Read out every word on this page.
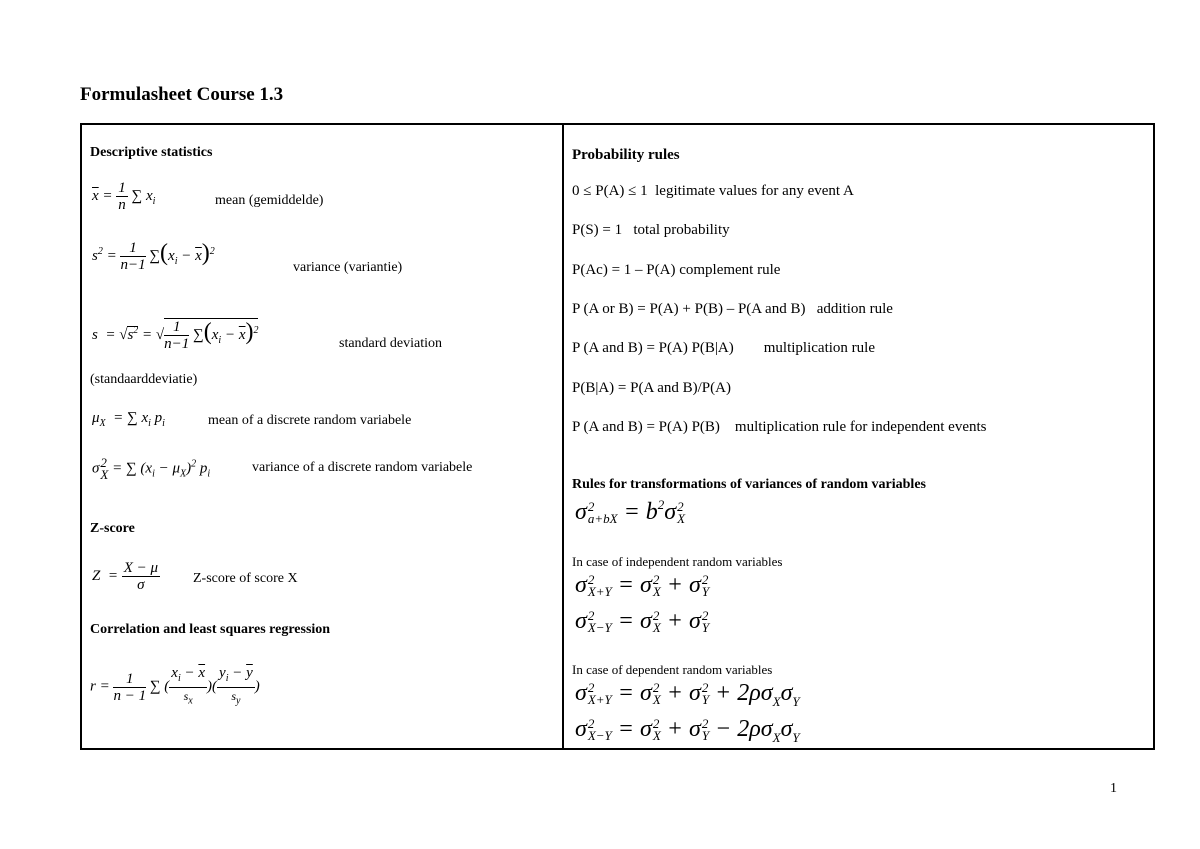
Formulasheet Course 1.3
Descriptive statistics
$\overline{x} = \frac{1}{n}$ ∑ $x_i$	mean (gemiddelde)
$s^2 = \frac{1}{n-1} \sum(x_i - \overline{x})^2$
variance (variantie)
$s = √s^2$ = √ $\frac{1}{n-1} \sum(x_i - \overline{x})^2$
standard deviation
(standaarddeviatie)
$\mu_X$  = ∑ $x_i$ $p_i$	mean of a discrete random variabele
σ 2
X = ∑ $(x_i - \mu_X)^2$ $p_i$	variance of a discrete random variabele
Z-score
$Z = \frac{X - \mu}{\sigma}$ Z-score of score X
Correlation and least squares regression
$r = \frac{1}{n - 1}$ ∑ ( $\frac{x_i - \overline{x}}{s_x}$ )( $\frac{y_i - \overline{y}}{s_y}$ )
Probability rules
0 ≤ P(A) ≤ 1 legitimate values for any event A
P(S) = 1 total probability
P(Ac) = 1 – P(A) complement rule
P (A or B) = P(A) + P(B) – P(A and B) addition rule
P (A and B) = P(A) P(B|A) multiplication rule
P(B|A) = P(A and B)/P(A)
P (A and B) = P(A) P(B) multiplication rule for independent events
Rules for transformations of variances of random variables
σ 2
$a+bX = b^2\sigma$ 2
X
In case of independent random variables
σ 2
X+Y = σ 2
X + σ 2
Y
σ 2
X−Y = σ 2
X + σ 2
Y
In case of dependent random variables
σ 2
X+Y = σ 2
X + σ 2
$Y + 2\rho\sigma_X\sigma_Y$
σ 2
X−Y = σ 2
X + σ 2
$Y - 2\rho\sigma_X\sigma_Y$
1
